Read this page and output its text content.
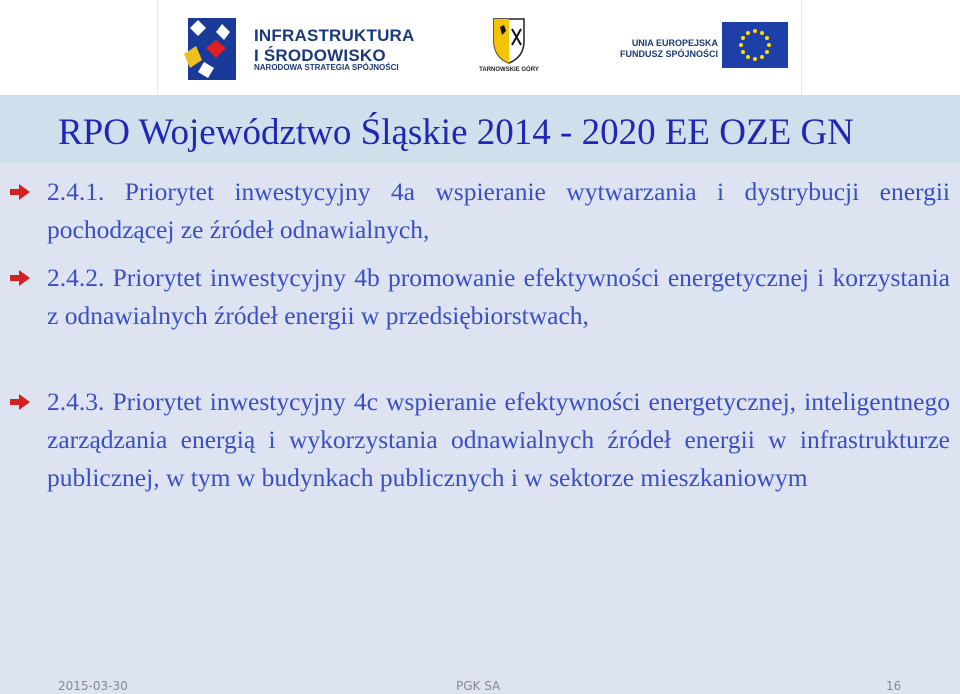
INFRASTRUKTURA
I ŚRODOWISKO
NARODOWA STRATEGIA SPÓJNOŚCI	TARNOWSKIE GÓRY
UNIA EUROPEJSKA
FUNDUSZ SPÓJNOŚCI
RPO Województwo Śląskie 2014 - 2020 EE OZE GN

2.4.1. Priorytet inwestycyjny 4a wspieranie wytwarzania i dystrybucji energii pochodzącej ze źródeł odnawialnych,

2.4.2. Priorytet inwestycyjny 4b promowanie efektywności energetycznej i korzystania z odnawialnych źródeł energii w przedsiębiorstwach,

2.4.3. Priorytet inwestycyjny 4c wspieranie efektywności energetycznej, inteligentnego zarządzania energią i wykorzystania odnawialnych źródeł energii w infrastrukturze publicznej, w tym w budynkach publicznych i w sektorze mieszkaniowym

2015-03-30	PGK SA	16
